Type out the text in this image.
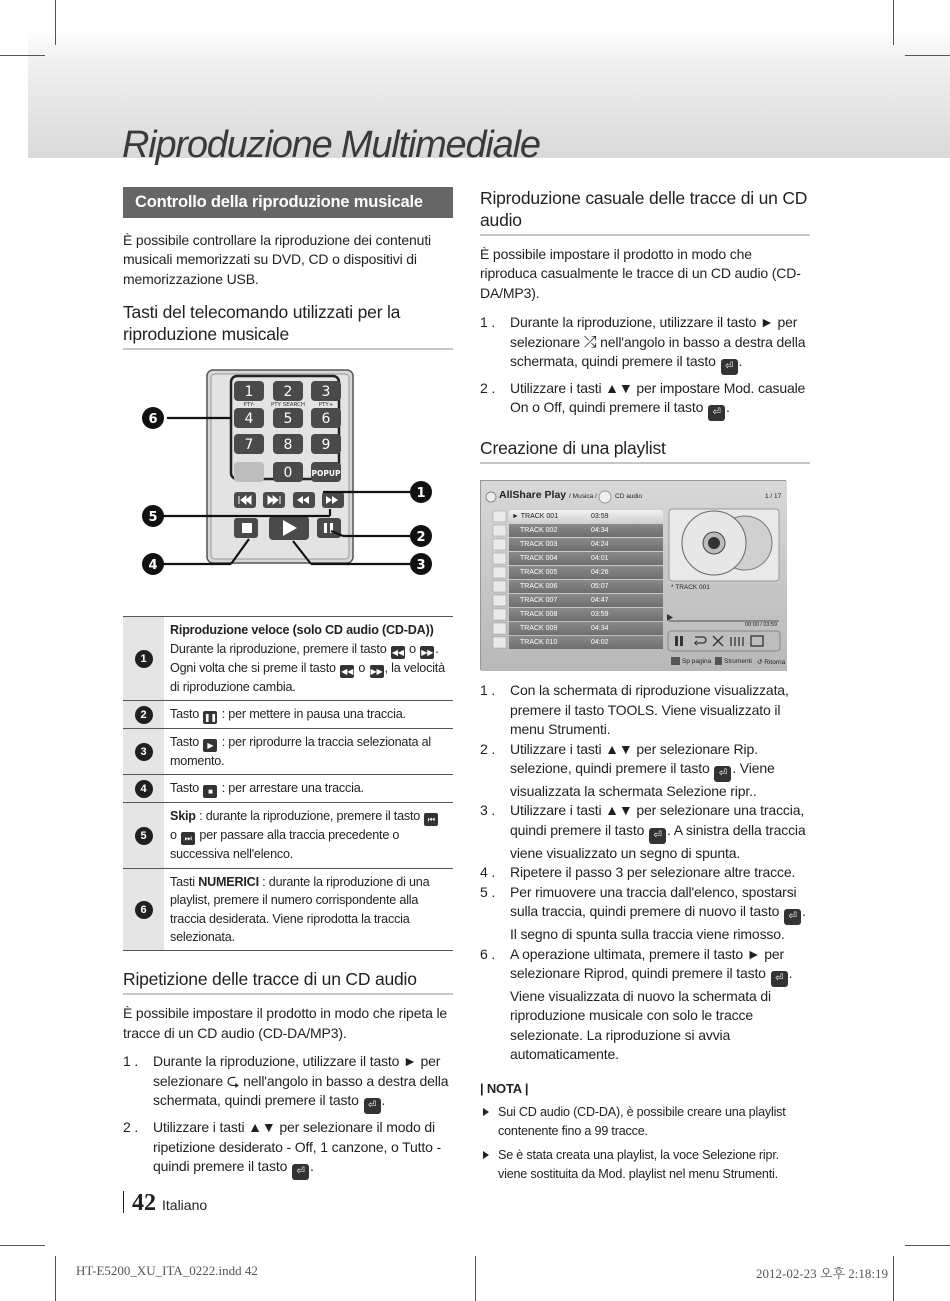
Riproduzione Multimediale
Controllo della riproduzione musicale

È possibile controllare la riproduzione dei contenuti musicali memorizzati su DVD, CD o dispositivi di memorizzazione USB.

Tasti del telecomando utilizzati per la riproduzione musicale
1 2 3
4 5 6
7 8 9
0	POPUP
PTY-	PTY SEARCH PTY+
6
5
4
1
2
3
1	Riproduzione veloce (solo CD audio (CD-DA))
Durante la riproduzione, premere il tasto ◀◀ o ▶▶ . Ogni volta che si preme il tasto ◀◀ o ▶▶ , la velocità di riproduzione cambia.
2	Tasto ❚❚ : per mettere in pausa una traccia.
3	Tasto ▶ : per riprodurre la traccia selezionata al momento.
4	Tasto ■ : per arrestare una traccia.
5	Skip : durante la riproduzione, premere il tasto ⏮ o ⏭ per passare alla traccia precedente o successiva nell'elenco.
6	Tasti NUMERICI : durante la riproduzione di una playlist, premere il numero corrispondente alla traccia desiderata. Viene riprodotta la traccia selezionata.
Ripetizione delle tracce di un CD audio

È possibile impostare il prodotto in modo che ripeta le tracce di un CD audio (CD-DA/MP3).

1 .	Durante la riproduzione, utilizzare il tasto ► per selezionare ⮎ nell'angolo in basso a destra della schermata, quindi premere il tasto ⏎ .
2 .	Utilizzare i tasti ▲▼ per selezionare il modo di ripetizione desiderato - Off, 1 canzone, o Tutto - quindi premere il tasto ⏎ .
Riproduzione casuale delle tracce di un CD audio

È possibile impostare il prodotto in modo che riproduca casualmente le tracce di un CD audio (CD-DA/MP3).

1 .	Durante la riproduzione, utilizzare il tasto ► per selezionare ⤮ nell'angolo in basso a destra della schermata, quindi premere il tasto ⏎ .
2 .	Utilizzare i tasti ▲▼ per impostare Mod. casuale On o Off, quindi premere il tasto ⏎ .
Creazione di una playlist
AllShare Play / Musica /	CD audio	1 / 17
► TRACK 001	03:59
TRACK 002	04:34
TRACK 003	04:24
TRACK 004	04:01
TRACK 005	04:26
TRACK 006	05:07
TRACK 007	04:47
TRACK 008	03:59
TRACK 009	04:34
TRACK 010	04:02
* TRACK 001
00:00 / 03:59
Sp pagina Strumenti ↺ Ritorna
1 .	Con la schermata di riproduzione visualizzata, premere il tasto TOOLS. Viene visualizzato il menu Strumenti.
2 .	Utilizzare i tasti ▲▼ per selezionare Rip. selezione, quindi premere il tasto ⏎ . Viene visualizzata la schermata Selezione ripr..
3 .	Utilizzare i tasti ▲▼ per selezionare una traccia, quindi premere il tasto ⏎ . A sinistra della traccia viene visualizzato un segno di spunta.
4 .	Ripetere il passo 3 per selezionare altre tracce.
5 .	Per rimuovere una traccia dall'elenco, spostarsi sulla traccia, quindi premere di nuovo il tasto ⏎ . Il segno di spunta sulla traccia viene rimosso.
6 .	A operazione ultimata, premere il tasto ► per selezionare Riprod, quindi premere il tasto ⏎ . Viene visualizzata di nuovo la schermata di riproduzione musicale con solo le tracce selezionate. La riproduzione si avvia automaticamente.
| NOTA |
Sui CD audio (CD-DA), è possibile creare una playlist contenente fino a 99 tracce.
Se è stata creata una playlist, la voce Selezione ripr. viene sostituita da Mod. playlist nel menu Strumenti.
42 Italiano
HT-E5200_XU_ITA_0222.indd 42	2012-02-23 오후 2:18:19
